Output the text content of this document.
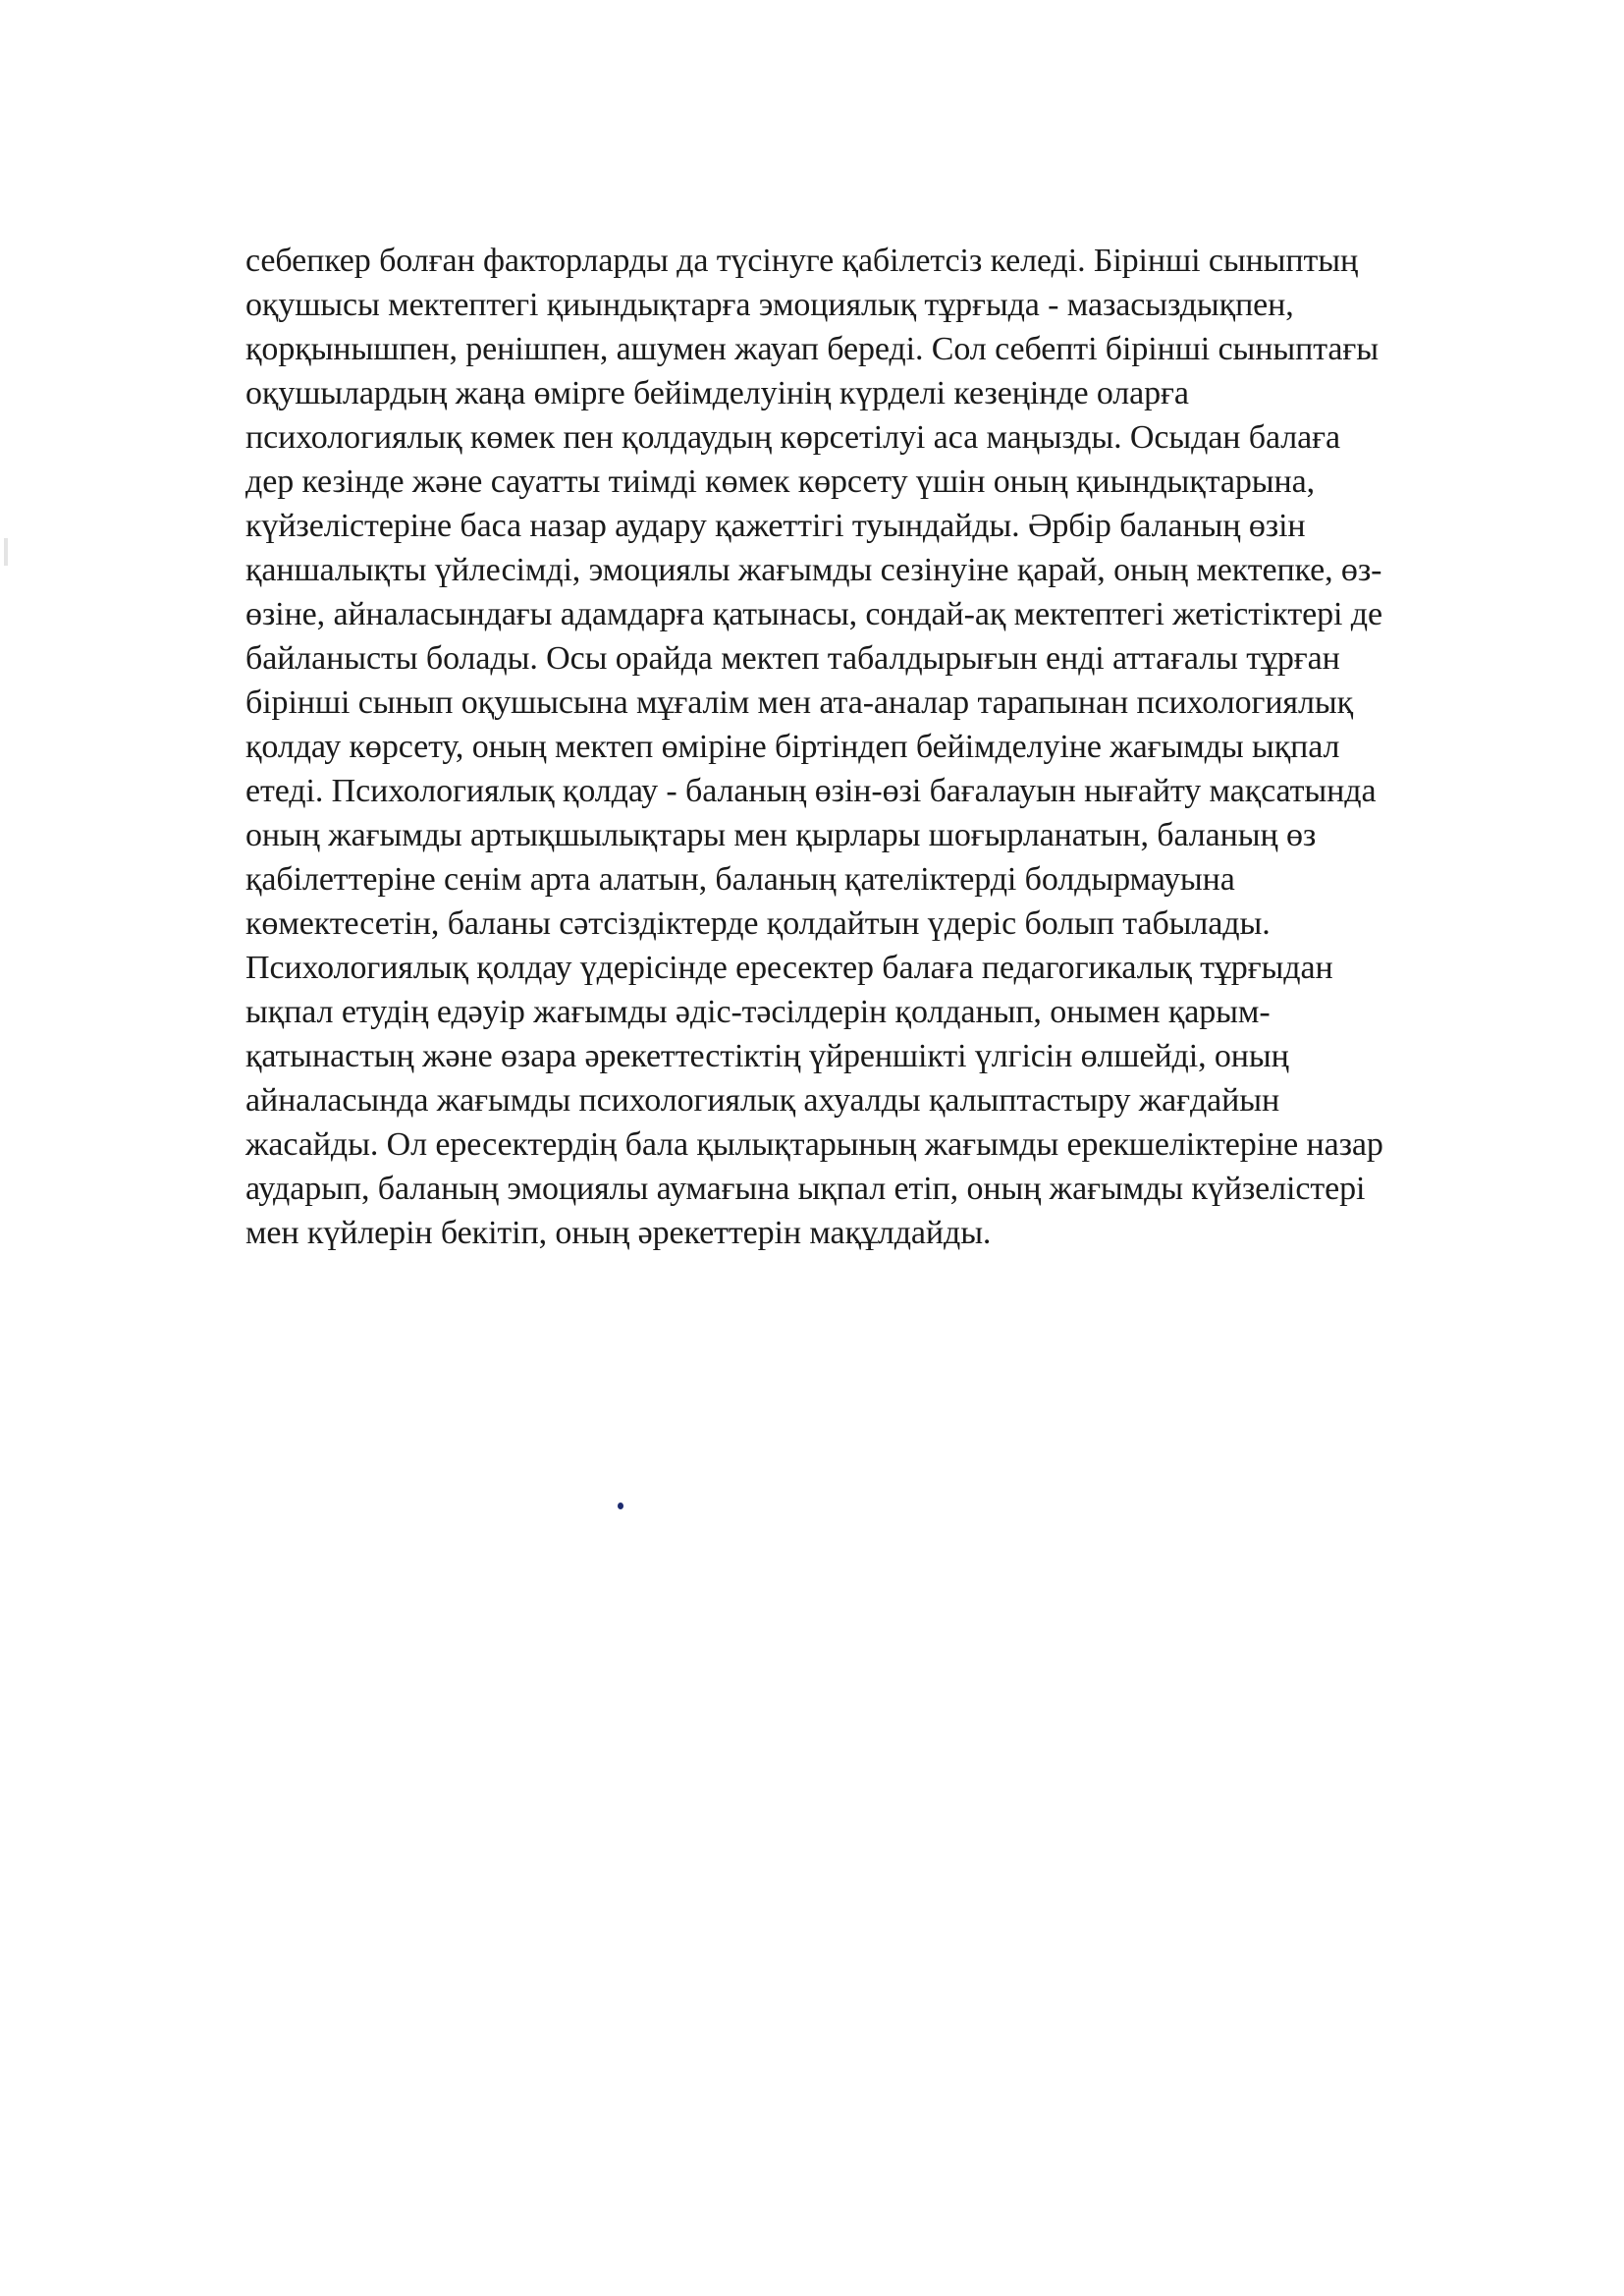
себепкер болған факторларды да түсінуге қабілетсіз келеді. Бірінші сыныптың
оқушысы мектептегі қиындықтарға эмоциялық тұрғыда - мазасыздықпен,
қорқынышпен, ренішпен, ашумен жауап береді. Сол себепті бірінші сыныптағы
оқушылардың жаңа өмірге бейімделуінің күрделі кезеңінде оларға
психологиялық көмек пен қолдаудың көрсетілуі аса маңызды. Осыдан балаға
дер кезінде және сауатты тиімді көмек көрсету үшін оның қиындықтарына,
күйзелістеріне баса назар аудару қажеттігі туындайды. Әрбір баланың өзін
қаншалықты үйлесімді, эмоциялы жағымды сезінуіне қарай, оның мектепке, өз-
өзіне, айналасындағы адамдарға қатынасы, сондай-ақ мектептегі жетістіктері де
байланысты болады. Осы орайда мектеп табалдырығын енді аттағалы тұрған
бірінші сынып оқушысына мұғалім мен ата-аналар тарапынан психологиялық
қолдау көрсету, оның мектеп өміріне біртіндеп бейімделуіне жағымды ықпал
етеді. Психологиялық қолдау - баланың өзін-өзі бағалауын нығайту мақсатында
оның жағымды артықшылықтары мен қырлары шоғырланатын, баланың өз
қабілеттеріне сенім арта алатын, баланың қателіктерді болдырмауына
көмектесетін, баланы сәтсіздіктерде қолдайтын үдеріс болып табылады.
Психологиялық қолдау үдерісінде ересектер балаға педагогикалық тұрғыдан
ықпал етудің едәуір жағымды әдіс-тәсілдерін қолданып, онымен қарым-
қатынастың және өзара әрекеттестіктің үйреншікті үлгісін өлшейді, оның
айналасында жағымды психологиялық ахуалды қалыптастыру жағдайын
жасайды. Ол ересектердің бала қылықтарының жағымды ерекшеліктеріне назар
аударып, баланың эмоциялы аумағына ықпал етіп, оның жағымды күйзелістері
мен күйлерін бекітіп, оның әрекеттерін мақұлдайды.
